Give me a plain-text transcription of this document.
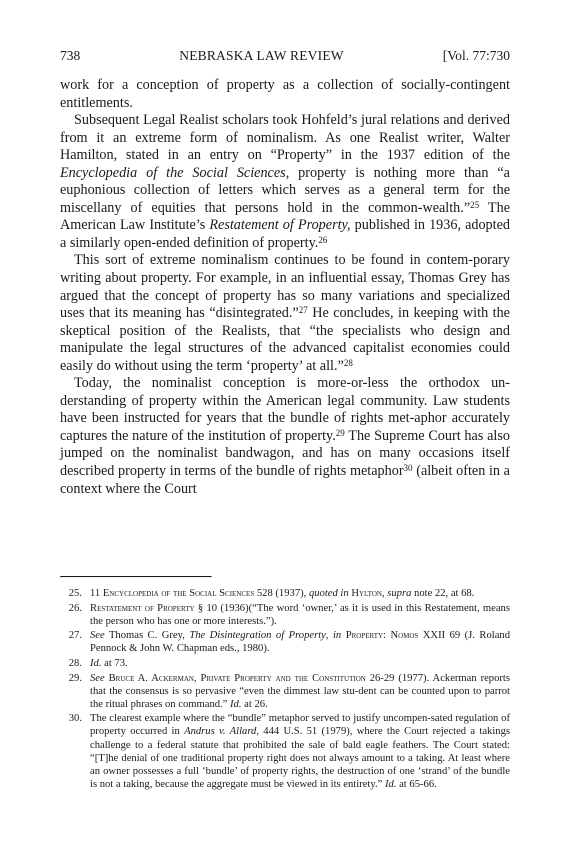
738	NEBRASKA LAW REVIEW	[Vol. 77:730

work for a conception of property as a collection of socially-contingent entitlements.

Subsequent Legal Realist scholars took Hohfeld’s jural relations and derived from it an extreme form of nominalism. As one Realist writer, Walter Hamilton, stated in an entry on “Property” in the 1937 edition of the Encyclopedia of the Social Sciences, property is nothing more than “a euphonious collection of letters which serves as a general term for the miscellany of equities that persons hold in the common-wealth.”$^{25}$ The American Law Institute’s Restatement of Property, published in 1936, adopted a similarly open-ended definition of property.$^{26}$

This sort of extreme nominalism continues to be found in contem-porary writing about property. For example, in an influential essay, Thomas Grey has argued that the concept of property has so many variations and specialized uses that its meaning has “disintegrated.”$^{27}$ He concludes, in keeping with the skeptical position of the Realists, that “the specialists who design and manipulate the legal structures of the advanced capitalist economies could easily do without using the term ‘property’ at all.”$^{28}$

Today, the nominalist conception is more-or-less the orthodox un-derstanding of property within the American legal community. Law students have been instructed for years that the bundle of rights met-aphor accurately captures the nature of the institution of property.$^{29}$ The Supreme Court has also jumped on the nominalist bandwagon, and has on many occasions itself described property in terms of the bundle of rights metaphor$^{30}$ (albeit often in a context where the Court

25. 11 Encyclopedia of the Social Sciences 528 (1937), quoted in Hylton, supra note 22, at 68.
26. Restatement of Property § 10 (1936)(“The word ‘owner,’ as it is used in this Restatement, means the person who has one or more interests.”).
27. See Thomas C. Grey, The Disintegration of Property, in Property: Nomos XXII 69 (J. Roland Pennock & John W. Chapman eds., 1980).
28. Id. at 73.
29. See Bruce A. Ackerman, Private Property and the Constitution 26-29 (1977). Ackerman reports that the consensus is so pervasive “even the dimmest law stu-dent can be counted upon to parrot the ritual phrases on command.” Id. at 26.
30. The clearest example where the “bundle” metaphor served to justify uncompen-sated regulation of property occurred in Andrus v. Allard, 444 U.S. 51 (1979), where the Court rejected a takings challenge to a federal statute that prohibited the sale of bald eagle feathers. The Court stated: “[T]he denial of one traditional property right does not always amount to a taking. At least where an owner possesses a full ‘bundle’ of property rights, the destruction of one ‘strand’ of the bundle is not a taking, because the aggregate must be viewed in its entirety.” Id. at 65-66.
